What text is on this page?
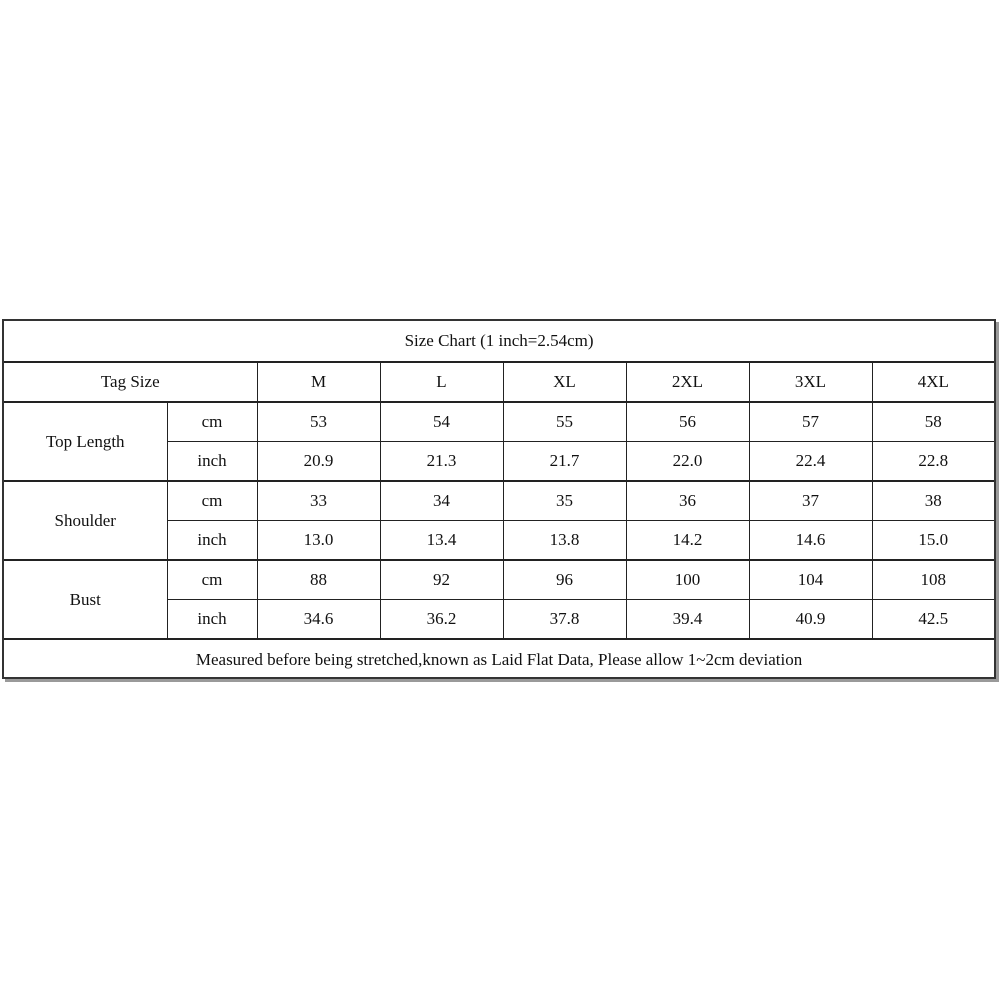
Size Chart (1 inch=2.54cm)							
Tag Size		M	L	XL	2XL	3XL	4XL
Top Length	cm	53	54	55	56	57	58
	inch	20.9	21.3	21.7	22.0	22.4	22.8
Shoulder	cm	33	34	35	36	37	38
	inch	13.0	13.4	13.8	14.2	14.6	15.0
Bust	cm	88	92	96	100	104	108
	inch	34.6	36.2	37.8	39.4	40.9	42.5
Measured before being stretched,known as Laid Flat Data, Please allow 1~2cm deviation							
